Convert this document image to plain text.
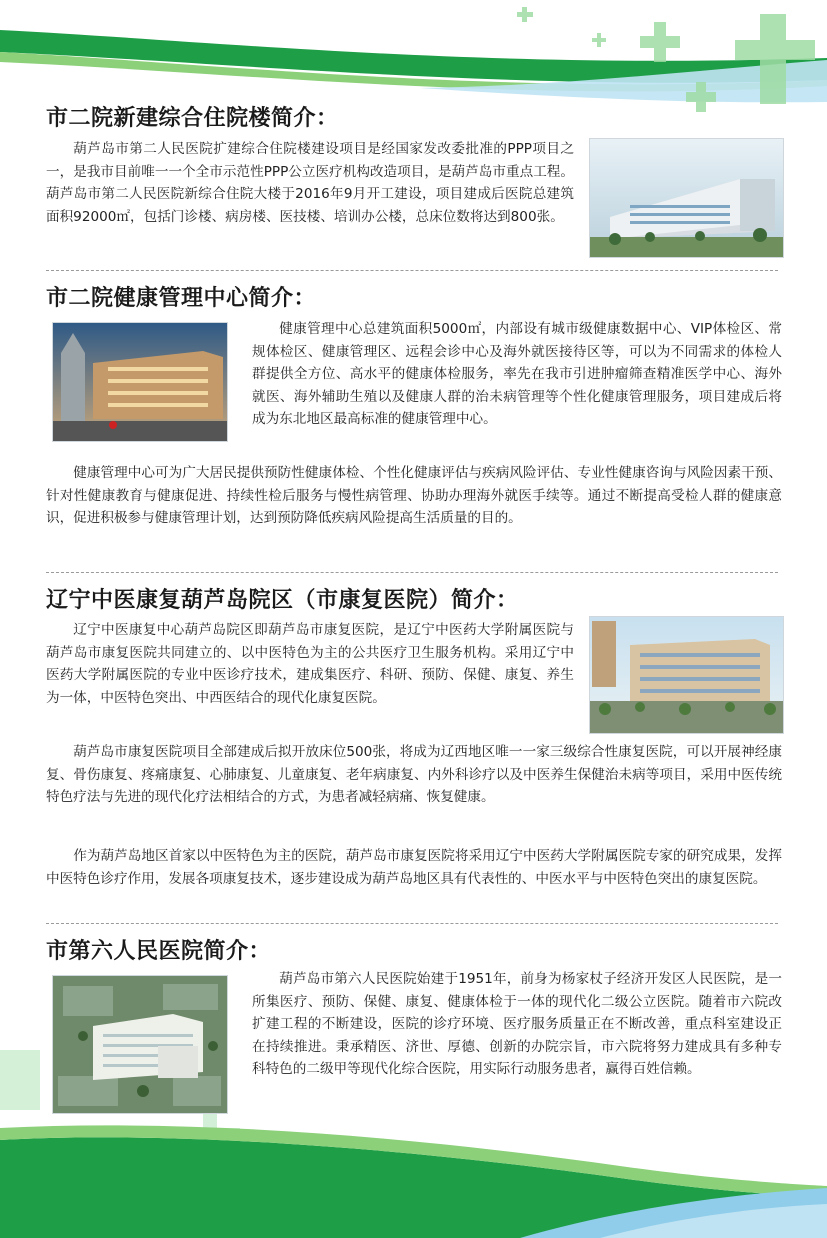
市二院新建综合住院楼简介：

葫芦岛市第二人民医院扩建综合住院楼建设项目是经国家发改委批准的PPP项目之一，是我市目前唯一一个全市示范性PPP公立医疗机构改造项目，是葫芦岛市重点工程。葫芦岛市第二人民医院新综合住院大楼于2016年9月开工建设，项目建成后医院总建筑面积92000㎡，包括门诊楼、病房楼、医技楼、培训办公楼，总床位数将达到800张。

市二院健康管理中心简介：

健康管理中心总建筑面积5000㎡，内部设有城市级健康数据中心、VIP体检区、常规体检区、健康管理区、远程会诊中心及海外就医接待区等，可以为不同需求的体检人群提供全方位、高水平的健康体检服务，率先在我市引进肿瘤筛查精准医学中心、海外就医、海外辅助生殖以及健康人群的治未病管理等个性化健康管理服务，项目建成后将成为东北地区最高标准的健康管理中心。

健康管理中心可为广大居民提供预防性健康体检、个性化健康评估与疾病风险评估、专业性健康咨询与风险因素干预、针对性健康教育与健康促进、持续性检后服务与慢性病管理、协助办理海外就医手续等。通过不断提高受检人群的健康意识，促进积极参与健康管理计划，达到预防降低疾病风险提高生活质量的目的。

辽宁中医康复葫芦岛院区（市康复医院）简介：

辽宁中医康复中心葫芦岛院区即葫芦岛市康复医院，是辽宁中医药大学附属医院与葫芦岛市康复医院共同建立的、以中医特色为主的公共医疗卫生服务机构。采用辽宁中医药大学附属医院的专业中医诊疗技术，建成集医疗、科研、预防、保健、康复、养生为一体，中医特色突出、中西医结合的现代化康复医院。

葫芦岛市康复医院项目全部建成后拟开放床位500张，将成为辽西地区唯一一家三级综合性康复医院，可以开展神经康复、骨伤康复、疼痛康复、心肺康复、儿童康复、老年病康复、内外科诊疗以及中医养生保健治未病等项目，采用中医传统特色疗法与先进的现代化疗法相结合的方式，为患者减轻病痛、恢复健康。

作为葫芦岛地区首家以中医特色为主的医院，葫芦岛市康复医院将采用辽宁中医药大学附属医院专家的研究成果，发挥中医特色诊疗作用，发展各项康复技术，逐步建设成为葫芦岛地区具有代表性的、中医水平与中医特色突出的康复医院。

市第六人民医院简介：

葫芦岛市第六人民医院始建于1951年，前身为杨家杖子经济开发区人民医院，是一所集医疗、预防、保健、康复、健康体检于一体的现代化二级公立医院。随着市六院改扩建工程的不断建设，医院的诊疗环境、医疗服务质量正在不断改善，重点科室建设正在持续推进。秉承精医、济世、厚德、创新的办院宗旨，市六院将努力建成具有多种专科特色的二级甲等现代化综合医院，用实际行动服务患者，赢得百姓信赖。
